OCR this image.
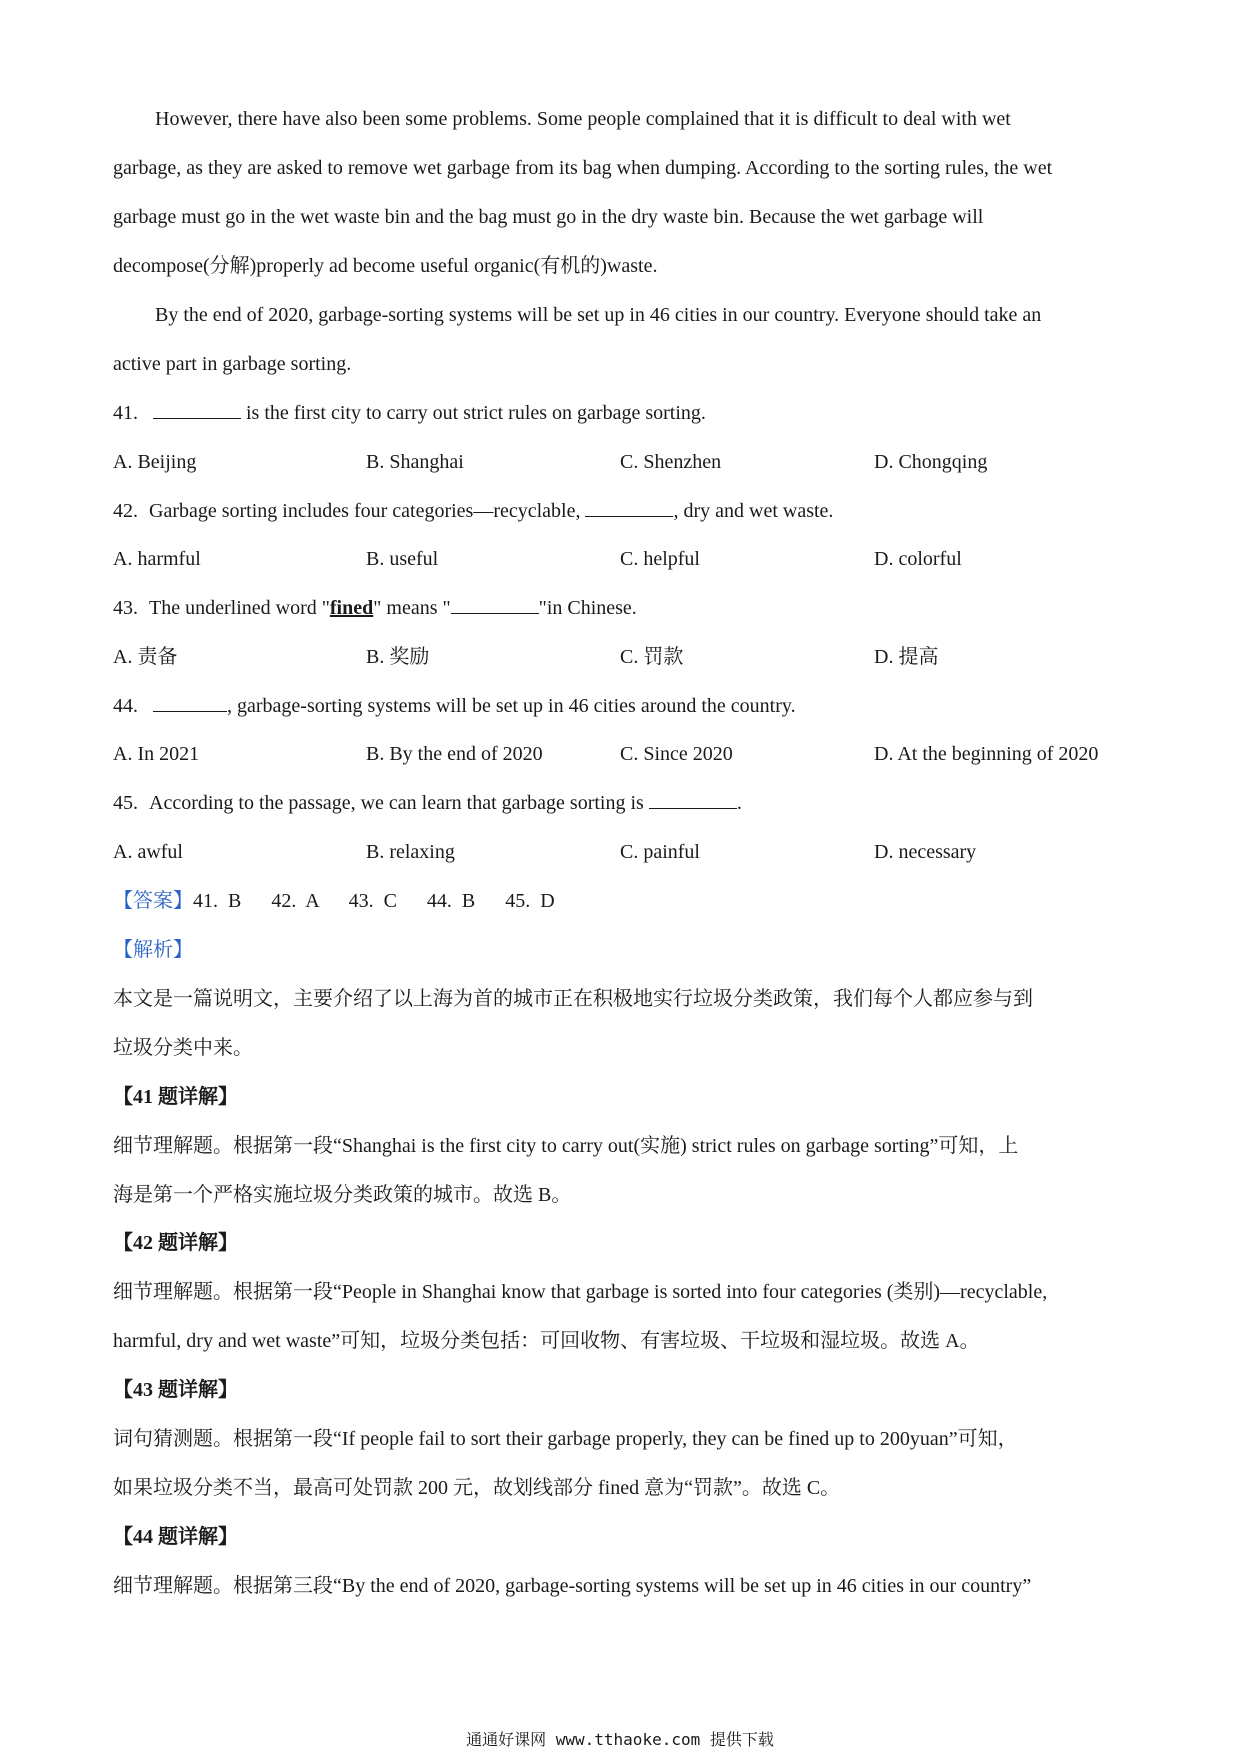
However, there have also been some problems. Some people complained that it is difficult to deal with wet
garbage, as they are asked to remove wet garbage from its bag when dumping. According to the sorting rules, the wet
garbage must go in the wet waste bin and the bag must go in the dry waste bin. Because the wet garbage will
decompose(分解)properly ad become useful organic(有机的)waste.
By the end of 2020, garbage-sorting systems will be set up in 46 cities in our country. Everyone should take an
active part in garbage sorting.
41.	is the first city to carry out strict rules on garbage sorting.
A. Beijing	B. Shanghai	C. Shenzhen	D. Chongqing
42. Garbage sorting includes four categories—recyclable,	, dry and wet waste.
A. harmful	B. useful	C. helpful	D. colorful
43. The underlined word "fined" means "	"in Chinese.
A. 责备	B. 奖励	C. 罚款	D. 提高
44.	, garbage-sorting systems will be set up in 46 cities around the country.
A. In 2021	B. By the end of 2020	C. Since 2020	D. At the beginning of 2020
45. According to the passage, we can learn that garbage sorting is	.
A. awful	B. relaxing	C. painful	D. necessary
【答案】41.  B      42.  A      43.  C      44.  B      45.  D
【解析】
本文是一篇说明文，主要介绍了以上海为首的城市正在积极地实行垃圾分类政策，我们每个人都应参与到
垃圾分类中来。
【41 题详解】
细节理解题。根据第一段“Shanghai is the first city to carry out(实施) strict rules on garbage sorting”可知，上
海是第一个严格实施垃圾分类政策的城市。故选 B。
【42 题详解】
细节理解题。根据第一段“People in Shanghai know that garbage is sorted into four categories (类别)—recyclable,
harmful, dry and wet waste”可知，垃圾分类包括：可回收物、有害垃圾、干垃圾和湿垃圾。故选 A。
【43 题详解】
词句猜测题。根据第一段“If people fail to sort their garbage properly, they can be fined up to 200yuan”可知，
如果垃圾分类不当，最高可处罚款 200 元，故划线部分 fined 意为“罚款”。故选 C。
【44 题详解】
细节理解题。根据第三段“By the end of 2020, garbage-sorting systems will be set up in 46 cities in our country”
通通好课网 www.tthaoke.com 提供下载
